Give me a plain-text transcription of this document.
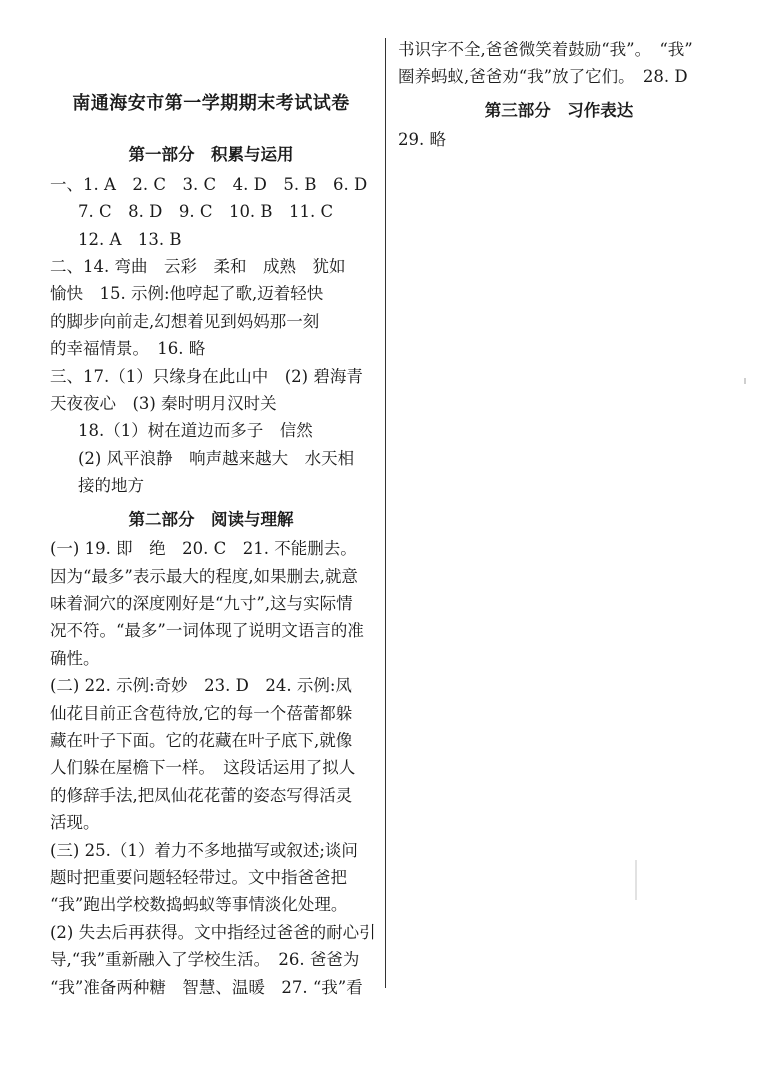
南通海安市第一学期期末考试试卷
第一部分　积累与运用
一、1. A　2. C　3. C　4. D　5. B　6. D
7. C　8. D　9. C　10. B　11. C
12. A　13. B
二、14. 弯曲　云彩　柔和　成熟　犹如
愉快　15. 示例:他哼起了歌,迈着轻快
的脚步向前走,幻想着见到妈妈那一刻
的幸福情景。　16. 略
三、17.（1）只缘身在此山中　(2) 碧海青
天夜夜心　(3) 秦时明月汉时关
18.（1）树在道边而多子　信然
(2) 风平浪静　响声越来越大　水天相
接的地方
第二部分　阅读与理解
(一) 19. 即　绝　20. C　21. 不能删去。
因为“最多”表示最大的程度,如果删去,就意
味着洞穴的深度刚好是“九寸”,这与实际情
况不符。“最多”一词体现了说明文语言的准
确性。
(二) 22. 示例:奇妙　23. D　24. 示例:凤
仙花目前正含苞待放,它的每一个蓓蕾都躲
藏在叶子下面。它的花藏在叶子底下,就像
人们躲在屋檐下一样。　这段话运用了拟人
的修辞手法,把凤仙花花蕾的姿态写得活灵
活现。
(三) 25.（1）着力不多地描写或叙述;谈问
题时把重要问题轻轻带过。文中指爸爸把
“我”跑出学校数捣蚂蚁等事情淡化处理。
(2) 失去后再获得。文中指经过爸爸的耐心引
导,“我”重新融入了学校生活。　26. 爸爸为
“我”准备两种糖　智慧、温暖　27. “我”看
书识字不全,爸爸微笑着鼓励“我”。　“我”
圈养蚂蚁,爸爸劝“我”放了它们。　28. D
第三部分　习作表达
29. 略
